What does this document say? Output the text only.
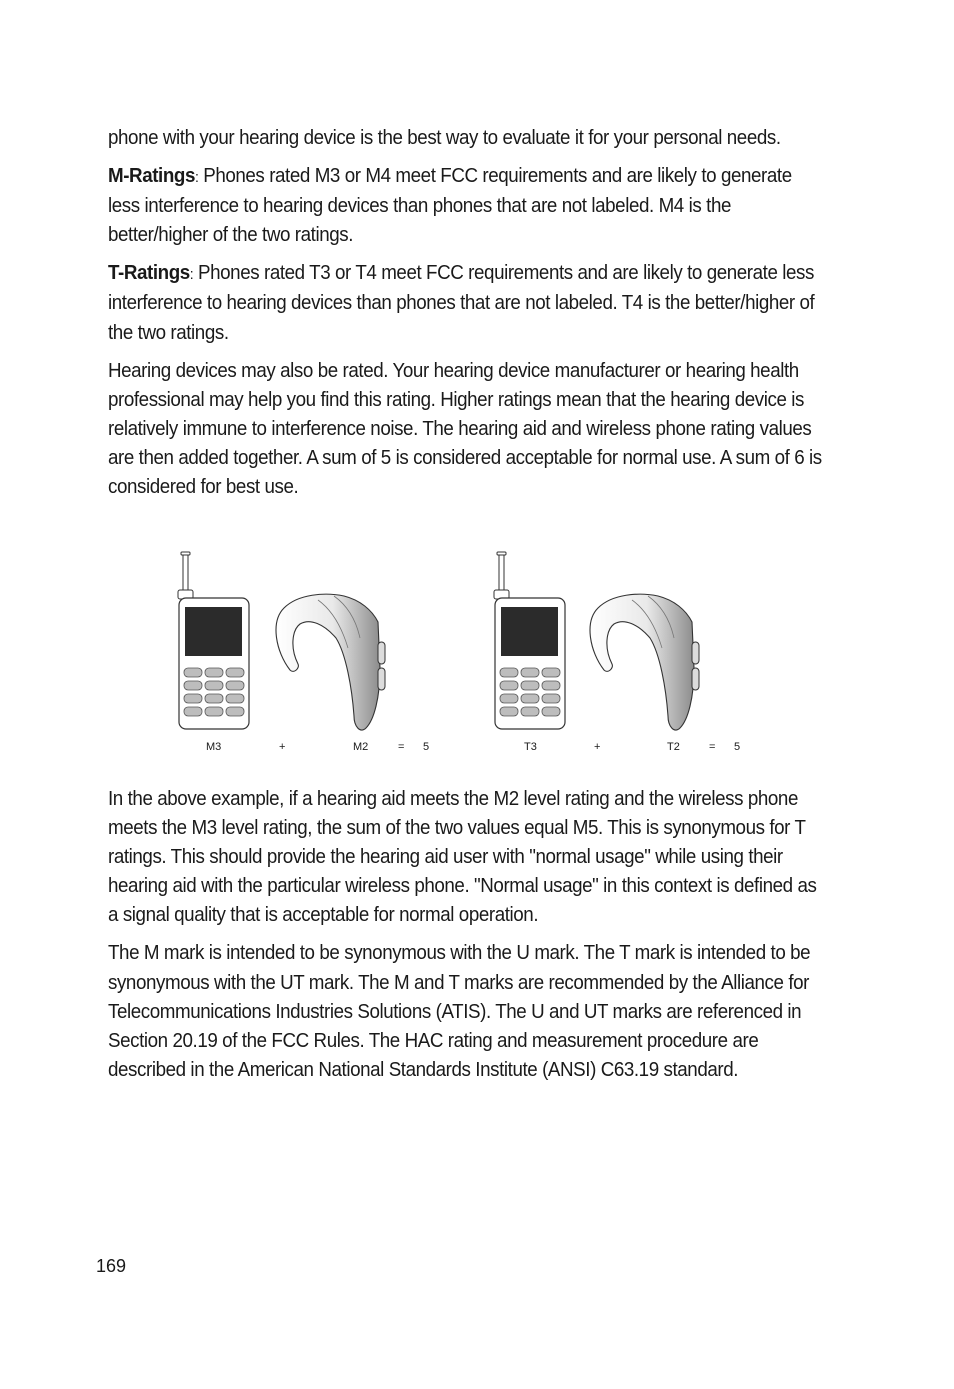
phone with your hearing device is the best way to evaluate it for your personal needs.

M-Ratings: Phones rated M3 or M4 meet FCC requirements and are likely to generate less interference to hearing devices than phones that are not labeled. M4 is the better/higher of the two ratings.

T-Ratings: Phones rated T3 or T4 meet FCC requirements and are likely to generate less interference to hearing devices than phones that are not labeled. T4 is the better/higher of the two ratings.

Hearing devices may also be rated. Your hearing device manufacturer or hearing health professional may help you find this rating. Higher ratings mean that the hearing device is relatively immune to interference noise. The hearing aid and wireless phone rating values are then added together. A sum of 5 is considered acceptable for normal use. A sum of 6 is considered for best use.

M3	+	M2	= 5	T3	+	T2	= 5

In the above example, if a hearing aid meets the M2 level rating and the wireless phone meets the M3 level rating, the sum of the two values equal M5. This is synonymous for T ratings. This should provide the hearing aid user with "normal usage" while using their hearing aid with the particular wireless phone. "Normal usage" in this context is defined as a signal quality that is acceptable for normal operation.

The M mark is intended to be synonymous with the U mark. The T mark is intended to be synonymous with the UT mark. The M and T marks are recommended by the Alliance for Telecommunications Industries Solutions (ATIS). The U and UT marks are referenced in Section 20.19 of the FCC Rules. The HAC rating and measurement procedure are described in the American National Standards Institute (ANSI) C63.19 standard.

169
